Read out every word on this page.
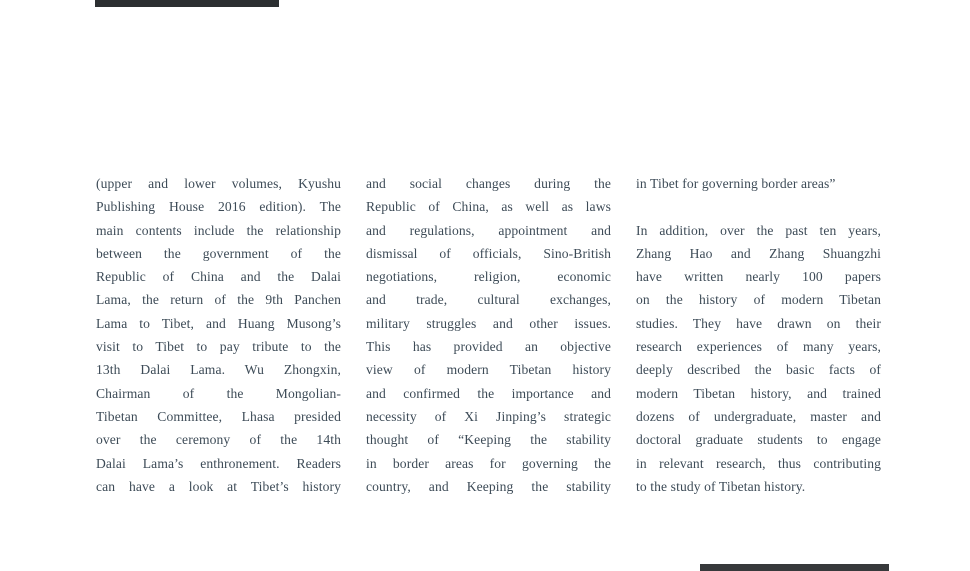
(upper and lower volumes, Kyushu
Publishing House 2016 edition). The
main contents include the relationship
between the government of the
Republic of China and the Dalai
Lama, the return of the 9th Panchen
Lama to Tibet, and Huang Musong’s
visit to Tibet to pay tribute to the
13th Dalai Lama. Wu Zhongxin,
Chairman of the Mongolian-
Tibetan Committee, Lhasa presided
over the ceremony of the 14th
Dalai Lama’s enthronement. Readers
can have a look at Tibet’s history
and social changes during the
Republic of China, as well as laws
and regulations, appointment and
dismissal of officials, Sino-British
negotiations, religion, economic
and trade, cultural exchanges,
military struggles and other issues.
This has provided an objective
view of modern Tibetan history
and confirmed the importance and
necessity of Xi Jinping’s strategic
thought of “Keeping the stability
in border areas for governing the
country, and Keeping the stability
in Tibet for governing border areas”
In addition, over the past ten years,
Zhang Hao and Zhang Shuangzhi
have written nearly 100 papers
on the history of modern Tibetan
studies. They have drawn on their
research experiences of many years,
deeply described the basic facts of
modern Tibetan history, and trained
dozens of undergraduate, master and
doctoral graduate students to engage
in relevant research, thus contributing
to the study of Tibetan history.
